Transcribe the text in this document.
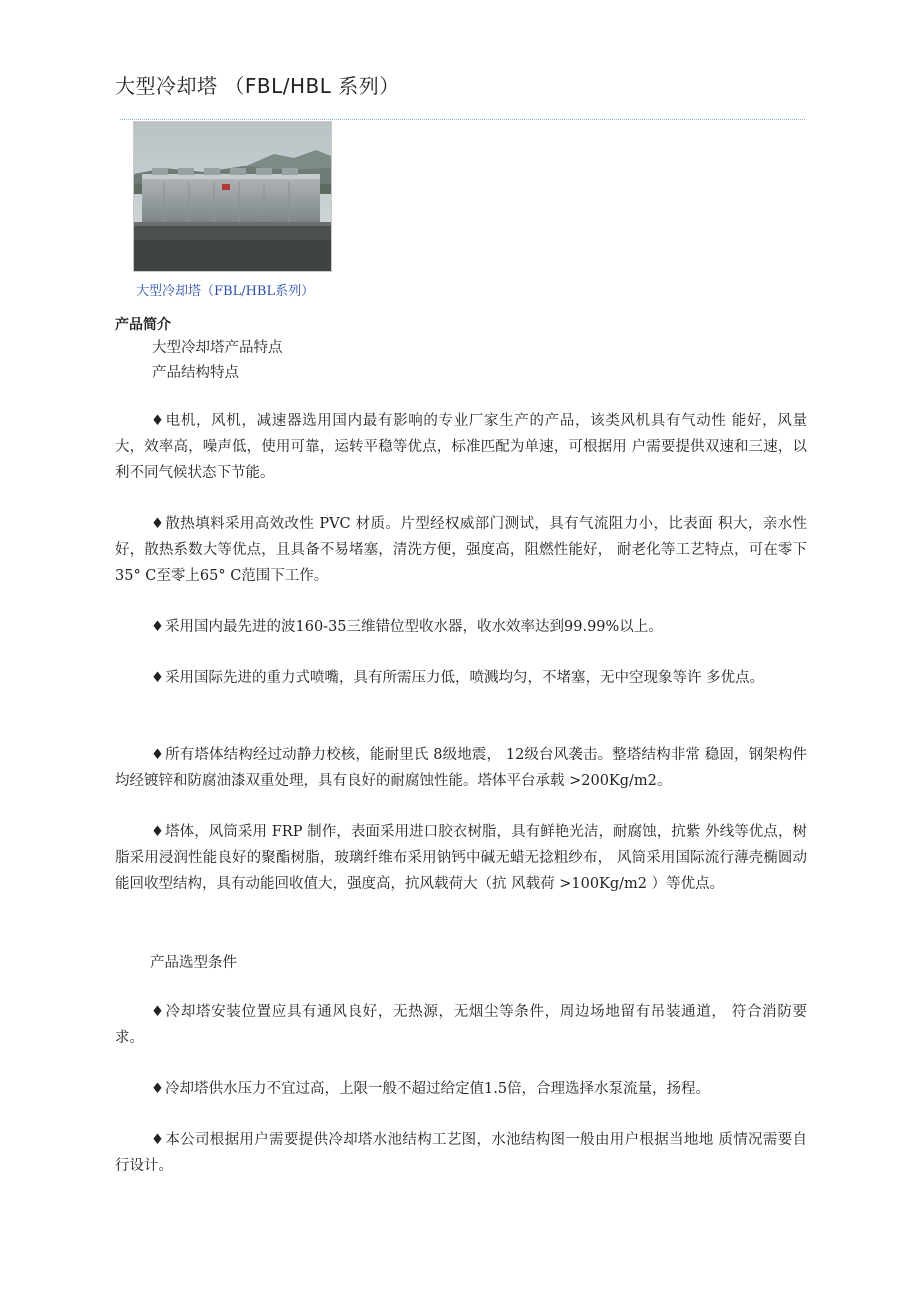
大型冷却塔 （FBL/HBL 系列）
大型冷却塔（FBL/HBL系列）
产品简介
大型冷却塔产品特点
产品结构特点

♦电机，风机，减速器选用国内最有影响的专业厂家生产的产品，该类风机具有气动性 能好，风量大，效率高，噪声低，使用可靠，运转平稳等优点，标准匹配为单速，可根据用 户需要提供双速和三速，以利不同气候状态下节能。

♦散热填料采用高效改性 PVC 材质。片型经权威部门测试，具有气流阻力小，比表面 积大，亲水性好，散热系数大等优点，且具备不易堵塞，清洗方便，强度高，阻燃性能好， 耐老化等工艺特点，可在零下35° C至零上65° C范围下工作。

♦采用国内最先进的波160-35三维错位型收水器，收水效率达到99.99%以上。

♦采用国际先进的重力式喷嘴，具有所需压力低，喷溅均匀，不堵塞，无中空现象等许 多优点。

♦所有塔体结构经过动静力校核，能耐里氏 8级地震， 12级台风袭击。整塔结构非常 稳固，钢架构件均经镀锌和防腐油漆双重处理，具有良好的耐腐蚀性能。塔体平台承载 >200Kg/m2。

♦塔体，风筒采用 FRP 制作，表面采用进口胶衣树脂，具有鲜艳光洁，耐腐蚀，抗紫 外线等优点，树脂采用浸润性能良好的聚酯树脂，玻璃纤维布采用钠钙中碱无蜡无捻粗纱布， 风筒采用国际流行薄壳椭圆动能回收型结构，具有动能回收值大，强度高，抗风载荷大（抗 风载荷 >100Kg/m2 ）等优点。

产品选型条件

♦冷却塔安装位置应具有通风良好，无热源，无烟尘等条件，周边场地留有吊装通道， 符合消防要求。

♦冷却塔供水压力不宜过高，上限一般不超过给定值1.5倍，合理选择水泵流量，扬程。

♦本公司根据用户需要提供冷却塔水池结构工艺图，水池结构图一般由用户根据当地地 质情况需要自行设计。
